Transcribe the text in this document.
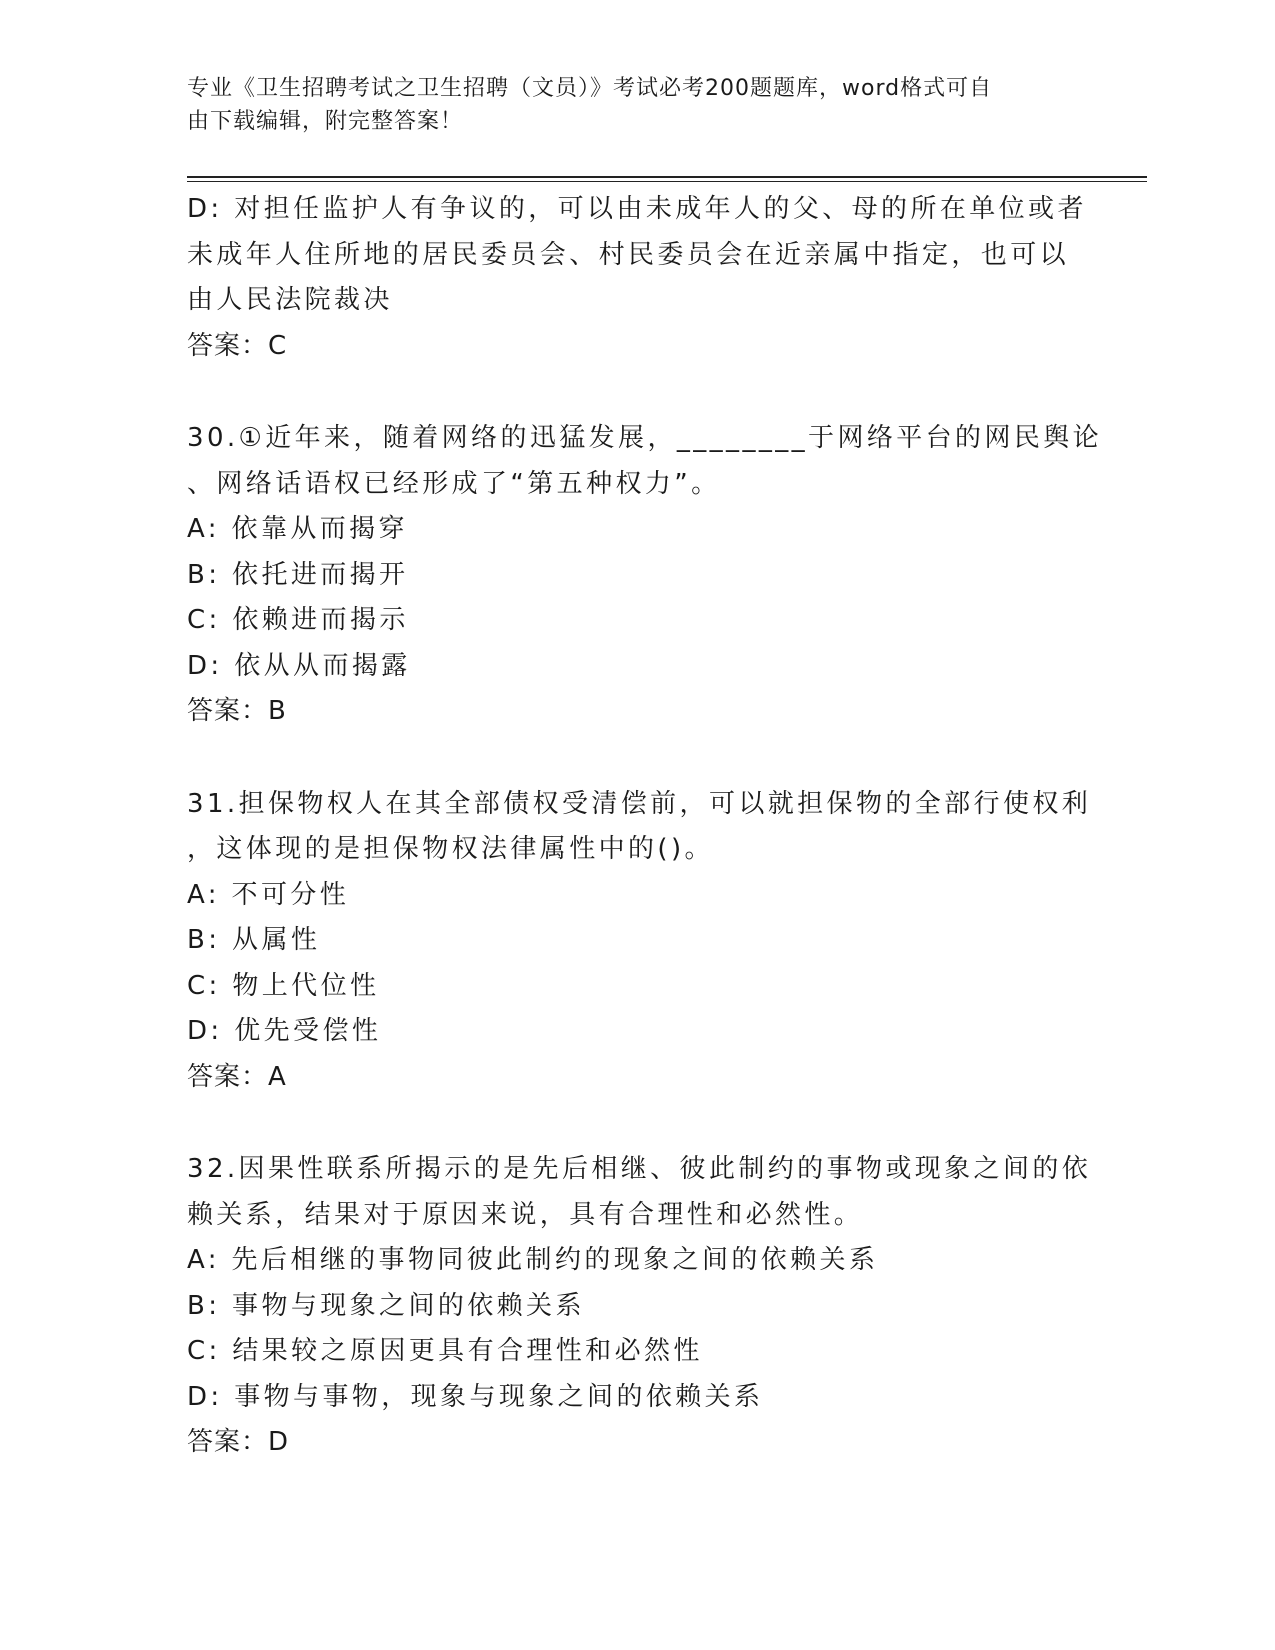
专业《卫生招聘考试之卫生招聘（文员）》考试必考200题题库，word格式可自
由下载编辑，附完整答案！
D: 对担任监护人有争议的，可以由未成年人的父、母的所在单位或者
未成年人住所地的居民委员会、村民委员会在近亲属中指定，也可以
由人民法院裁决
答案：C
30.①近年来，随着网络的迅猛发展，________于网络平台的网民舆论
、网络话语权已经形成了“第五种权力”。
A: 依靠从而揭穿
B: 依托进而揭开
C: 依赖进而揭示
D: 依从从而揭露
答案：B
31.担保物权人在其全部债权受清偿前，可以就担保物的全部行使权利
，这体现的是担保物权法律属性中的()。
A: 不可分性
B: 从属性
C: 物上代位性
D: 优先受偿性
答案：A
32.因果性联系所揭示的是先后相继、彼此制约的事物或现象之间的依
赖关系，结果对于原因来说，具有合理性和必然性。
A: 先后相继的事物同彼此制约的现象之间的依赖关系
B: 事物与现象之间的依赖关系
C: 结果较之原因更具有合理性和必然性
D: 事物与事物，现象与现象之间的依赖关系
答案：D
